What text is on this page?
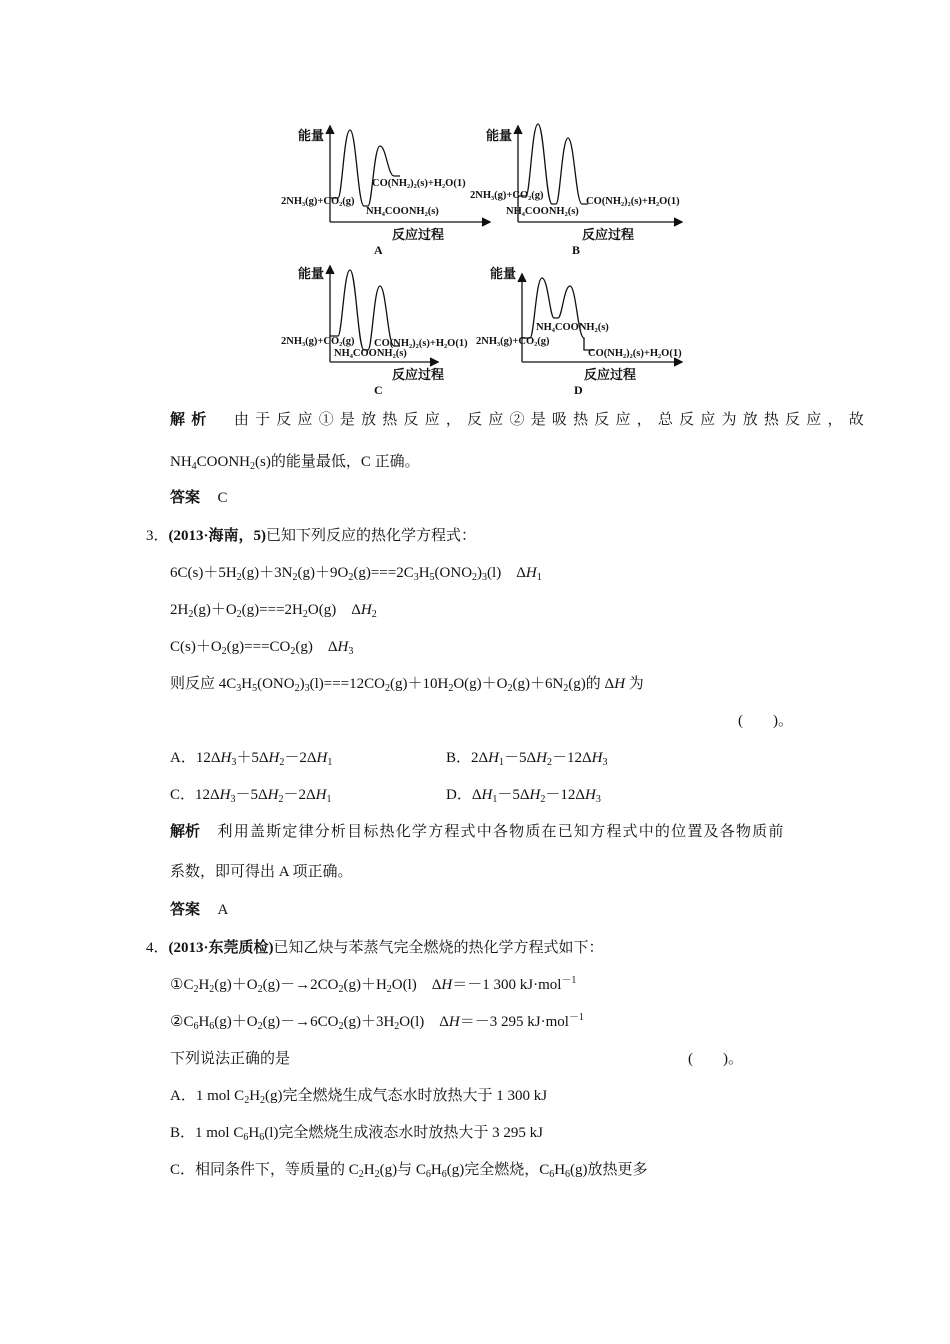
能量
2NH₃(g)+CO₂(g)
NH₄COONH₂(s)
CO(NH₂)₂(s)+H₂O(1)
反应过程
A
能量
2NH₃(g)+CO₂(g)
NH₄COONH₂(s)
CO(NH₂)₂(s)+H₂O(1)
反应过程
B
能量
2NH₃(g)+CO₂(g)
NH₄COONH₂(s)
CO(NH₂)₂(s)+H₂O(1)
反应过程
C
能量
2NH₃(g)+CO₂(g)
NH₄COONH₂(s)
CO(NH₂)₂(s)+H₂O(1)
反应过程
D
解析 由于反应①是放热反应，反应②是吸热反应，总反应为放热反应，故
$NH_4COONH_2(s)$的能量最低，C 正确。
答案 C
3．(2013·海南，5)已知下列反应的热化学方程式：
$6C(s)+5H_2(g)+3N_2(g)+9O_2(g)===2C_3H_5(ONO_2)_3(l)$　$\Delta H_1$
$2H_2(g)+O_2(g)===2H_2O(g)$　$\Delta H_2$
$C(s)+O_2(g)===CO_2(g)$　$\Delta H_3$
则反应 $4C_3H_5(ONO_2)_3(l)===12CO_2(g)+10H_2O(g)+O_2(g)+6N_2(g)$的 ΔH 为
(　　)。
A．$12\Delta H_3+5\Delta H_2-2\Delta H_1$	B．$2\Delta H_1-5\Delta H_2-12\Delta H_3$
C．$12\Delta H_3-5\Delta H_2-2\Delta H_1$	D．$\Delta H_1-5\Delta H_2-12\Delta H_3$
解析 利用盖斯定律分析目标热化学方程式中各物质在已知方程式中的位置及各物质前
系数，即可得出 A 项正确。
答案 A
4．(2013·东莞质检)已知乙炔与苯蒸气完全燃烧的热化学方程式如下：
$①C_2H_2(g)+O_2(g)-\to 2CO_2(g)+H_2O(l)$　ΔH＝－1 300 kJ·mol$^{-1}$
$②C_6H_6(g)+O_2(g)-\to 6CO_2(g)+3H_2O(l)$　ΔH＝－3 295 kJ·mol$^{-1}$
下列说法正确的是	(　　)。
A．1 mol $C_2H_2(g)$完全燃烧生成气态水时放热大于 1 300 kJ
B．1 mol $C_6H_6(l)$完全燃烧生成液态水时放热大于 3 295 kJ
C．相同条件下，等质量的 $C_2H_2(g)$与 $C_6H_6(g)$完全燃烧，$C_6H_6(g)$放热更多
